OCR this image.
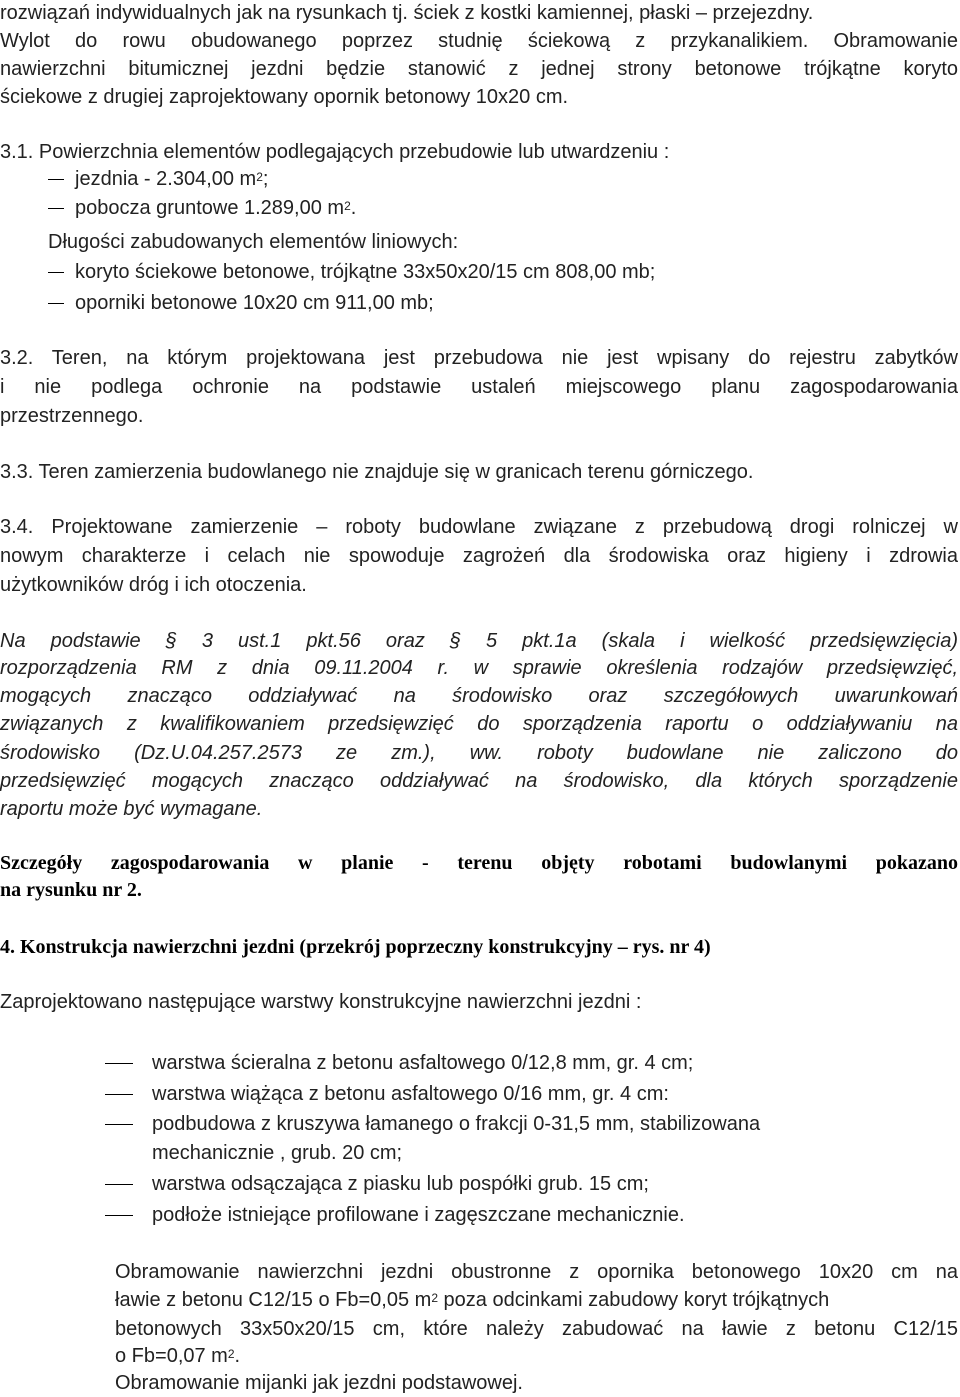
rozwiązań indywidualnych jak na rysunkach tj. ściek z kostki kamiennej, płaski – przejezdny.
Wylot do rowu obudowanego poprzez studnię ściekową z przykanalikiem. Obramowanie
nawierzchni bitumicznej jezdni będzie stanowić z jednej strony betonowe trójkątne koryto
ściekowe z drugiej zaprojektowany opornik betonowy 10x20 cm.
3.1. Powierzchnia elementów podlegających przebudowie lub utwardzeniu :
jezdnia - 2.304,00 $m^2$;
pobocza gruntowe 1.289,00 $m^2$.
Długości zabudowanych elementów liniowych:
koryto ściekowe betonowe, trójkątne 33x50x20/15 cm 808,00 mb;
oporniki betonowe 10x20 cm 911,00 mb;
3.2. Teren, na którym projektowana jest przebudowa nie jest wpisany do rejestru zabytków
i nie podlega ochronie na podstawie ustaleń miejscowego planu zagospodarowania
przestrzennego.
3.3. Teren zamierzenia budowlanego nie znajduje się w granicach terenu górniczego.
3.4. Projektowane zamierzenie – roboty budowlane związane z przebudową drogi rolniczej w
nowym charakterze i celach nie spowoduje zagrożeń dla środowiska oraz higieny i zdrowia
użytkowników dróg i ich otoczenia.
Na podstawie § 3 ust.1 pkt.56 oraz § 5 pkt.1a (skala i wielkość przedsięwzięcia)
rozporządzenia RM z dnia 09.11.2004 r. w sprawie określenia rodzajów przedsięwzięć,
mogących znacząco oddziaływać na środowisko oraz szczegółowych uwarunkowań
związanych z kwalifikowaniem przedsięwzięć do sporządzenia raportu o oddziaływaniu na
środowisko (Dz.U.04.257.2573 ze zm.), ww. roboty budowlane nie zaliczono do
przedsięwzięć mogących znacząco oddziaływać na środowisko, dla których sporządzenie
raportu może być wymagane.
Szczegóły zagospodarowania w planie - terenu objęty robotami budowlanymi pokazano
na rysunku nr 2.
4. Konstrukcja nawierzchni jezdni (przekrój poprzeczny konstrukcyjny – rys. nr 4)
Zaprojektowano następujące warstwy konstrukcyjne nawierzchni jezdni :
warstwa ścieralna z betonu asfaltowego 0/12,8 mm, gr. 4 cm;
warstwa wiążąca z betonu asfaltowego 0/16 mm, gr. 4 cm:
podbudowa z kruszywa łamanego o frakcji 0-31,5 mm, stabilizowana
mechanicznie , grub. 20 cm;
warstwa odsączająca z piasku lub pospółki grub. 15 cm;
podłoże istniejące profilowane i zagęszczane mechanicznie.
Obramowanie nawierzchni jezdni obustronne z opornika betonowego 10x20 cm na
ławie z betonu C12/15 o Fb=0,05 $m^2$ poza odcinkami zabudowy koryt trójkątnych
betonowych 33x50x20/15 cm, które należy zabudować na ławie z betonu C12/15
o Fb=0,07 $m^2$.
Obramowanie mijanki jak jezdni podstawowej.
